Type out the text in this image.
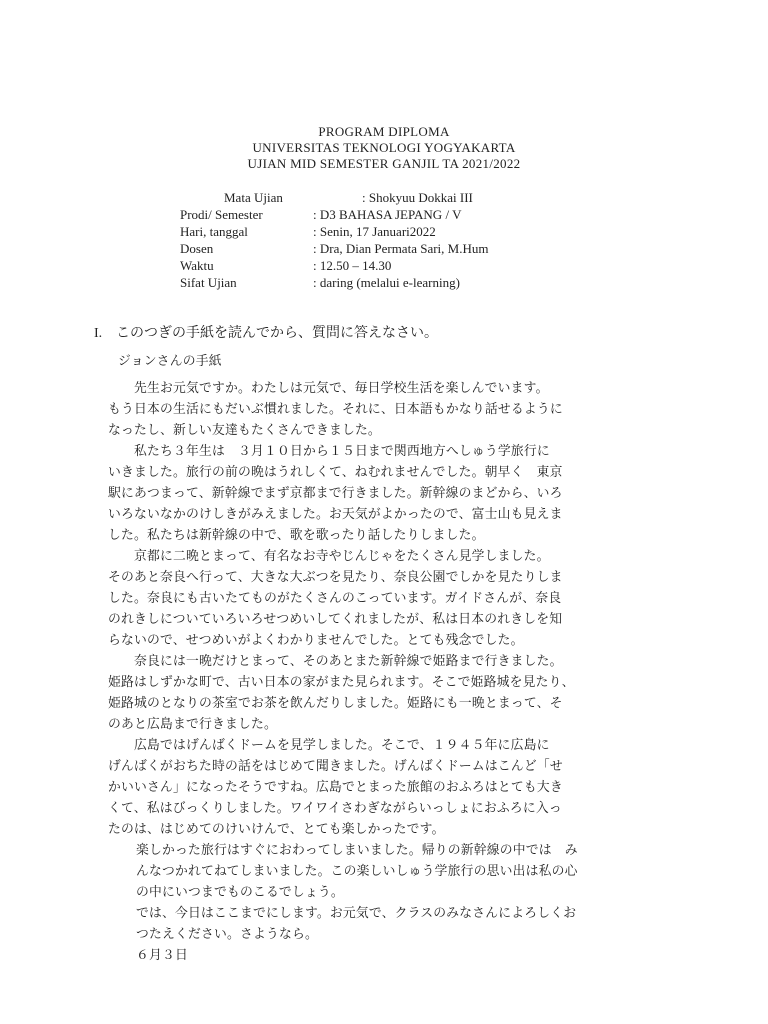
PROGRAM DIPLOMA
UNIVERSITAS TEKNOLOGI YOGYAKARTA
UJIAN MID SEMESTER GANJIL TA 2021/2022
Mata Ujian	: Shokyuu Dokkai III
Prodi/ Semester	: D3 BAHASA JEPANG / V
Hari, tanggal	: Senin, 17 Januari2022
Dosen	: Dra, Dian Permata Sari, M.Hum
Waktu	: 12.50 – 14.30
Sifat Ujian	: daring (melalui e-learning)
I. このつぎの手紙を読んでから、質問に答えなさい。
ジョンさんの手紙
　　先生お元気ですか。わたしは元気で、毎日学校生活を楽しんでいます。
もう日本の生活にもだいぶ慣れました。それに、日本語もかなり話せるように
なったし、新しい友達もたくさんできました。
　　私たち３年生は　３月１０日から１５日まで関西地方へしゅう学旅行に
いきました。旅行の前の晩はうれしくて、ねむれませんでした。朝早く　東京
駅にあつまって、新幹線でまず京都まで行きました。新幹線のまどから、いろ
いろないなかのけしきがみえました。お天気がよかったので、富士山も見えま
した。私たちは新幹線の中で、歌を歌ったり話したりしました。
　　京都に二晩とまって、有名なお寺やじんじゃをたくさん見学しました。
そのあと奈良へ行って、大きな大ぶつを見たり、奈良公園でしかを見たりしま
した。奈良にも古いたてものがたくさんのこっています。ガイドさんが、奈良
のれきしについていろいろせつめいしてくれましたが、私は日本のれきしを知
らないので、せつめいがよくわかりませんでした。とても残念でした。
　　奈良には一晩だけとまって、そのあとまた新幹線で姫路まで行きました。
姫路はしずかな町で、古い日本の家がまた見られます。そこで姫路城を見たり、
姫路城のとなりの茶室でお茶を飲んだりしました。姫路にも一晩とまって、そ
のあと広島まで行きました。
　　広島ではげんばくドームを見学しました。そこで、１９４５年に広島に
げんばくがおちた時の話をはじめて聞きました。げんばくドームはこんど「せ
かいいさん」になったそうですね。広島でとまった旅館のおふろはとても大き
くて、私はびっくりしました。ワイワイさわぎながらいっしょにおふろに入っ
たのは、はじめてのけいけんで、とても楽しかったです。
楽しかった旅行はすぐにおわってしまいました。帰りの新幹線の中では　み
んなつかれてねてしまいました。この楽しいしゅう学旅行の思い出は私の心
の中にいつまでものこるでしょう。
では、今日はここまでにします。お元気で、クラスのみなさんによろしくお
つたえください。さようなら。
６月３日
